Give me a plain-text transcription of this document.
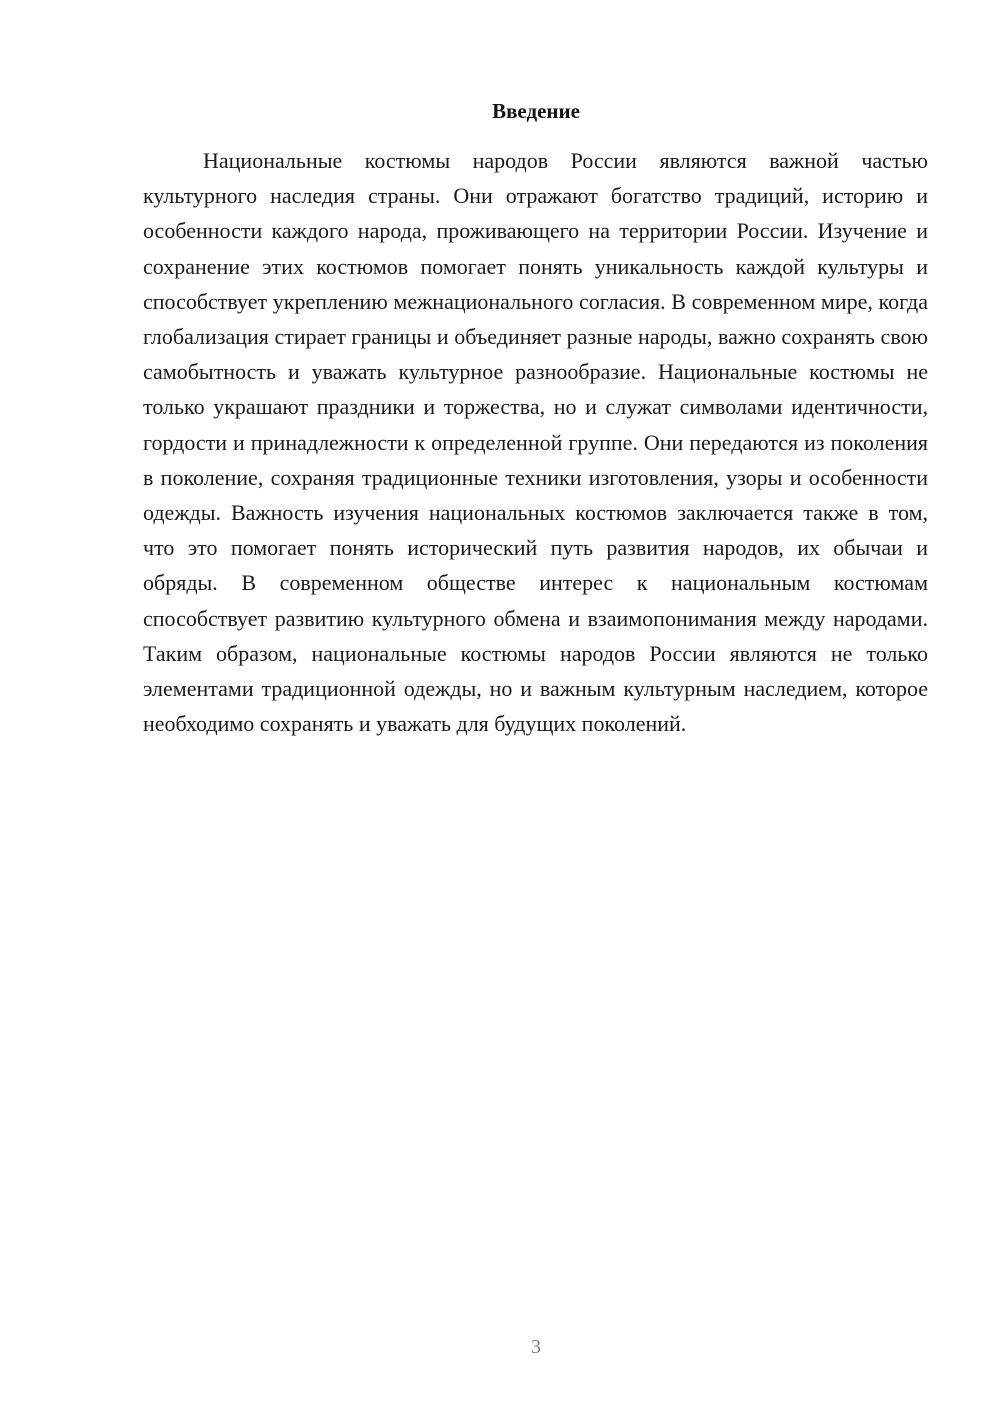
Введение

Национальные костюмы народов России являются важной частью культурного наследия страны. Они отражают богатство традиций, историю и особенности каждого народа, проживающего на территории России. Изучение и сохранение этих костюмов помогает понять уникальность каждой культуры и способствует укреплению межнационального согласия. В современном мире, когда глобализация стирает границы и объединяет разные народы, важно сохранять свою самобытность и уважать культурное разнообразие. Национальные костюмы не только украшают праздники и торжества, но и служат символами идентичности, гордости и принадлежности к определенной группе. Они передаются из поколения в поколение, сохраняя традиционные техники изготовления, узоры и особенности одежды. Важность изучения национальных костюмов заключается также в том, что это помогает понять исторический путь развития народов, их обычаи и обряды. В современном обществе интерес к национальным костюмам способствует развитию культурного обмена и взаимопонимания между народами. Таким образом, национальные костюмы народов России являются не только элементами традиционной одежды, но и важным культурным наследием, которое необходимо сохранять и уважать для будущих поколений.

3
